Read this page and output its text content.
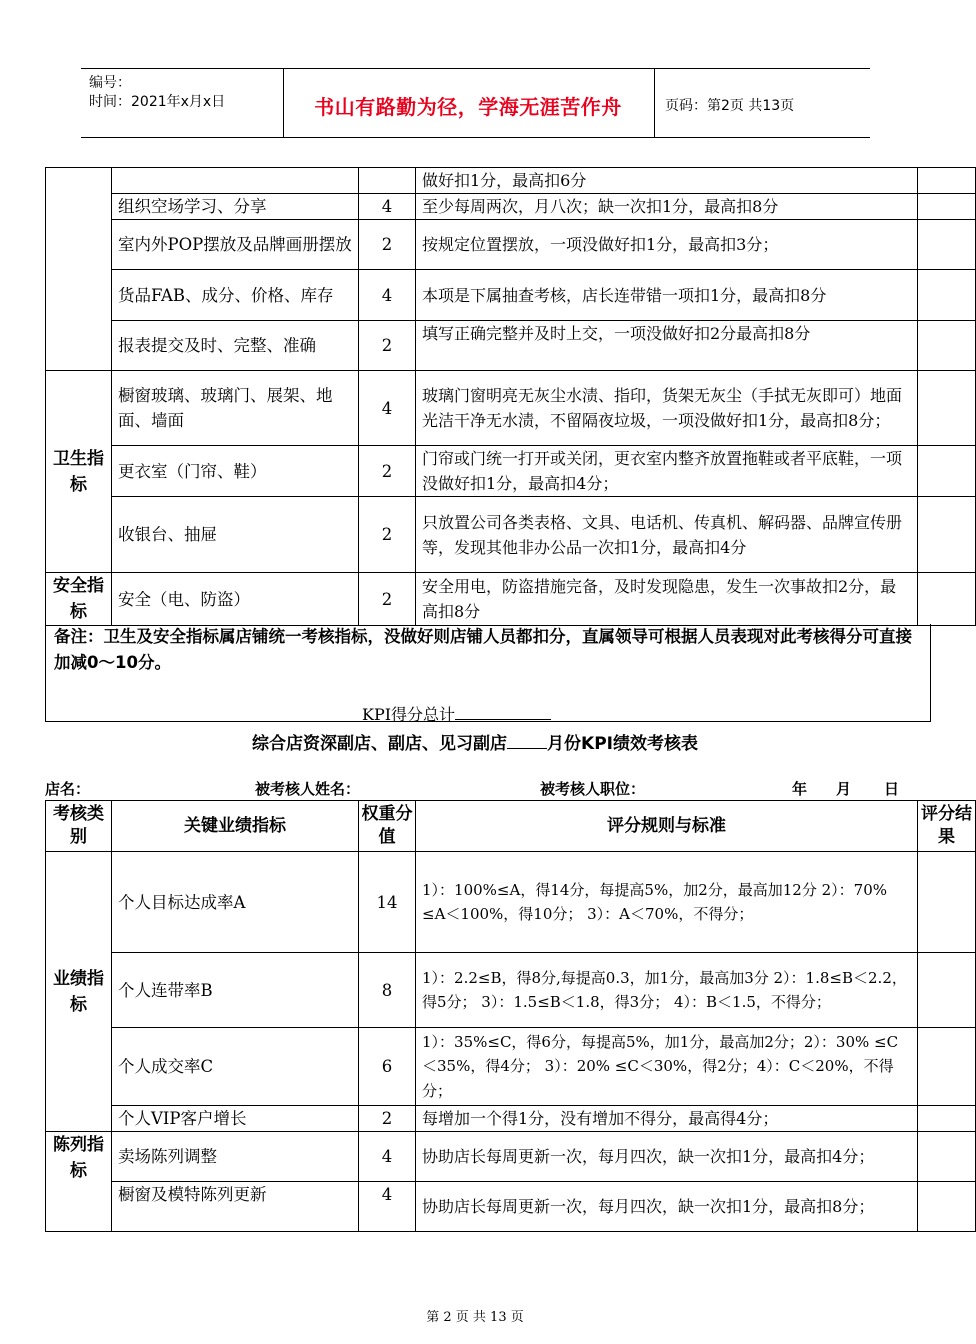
编号：
时间：2021年x月x日	书山有路勤为径，学海无涯苦作舟	页码：第2页 共13页
			做好扣1分，最高扣6分	
	组织空场学习、分享	4	至少每周两次，月八次；缺一次扣1分，最高扣8分	
	室内外POP摆放及品牌画册摆放	2	按规定位置摆放，一项没做好扣1分，最高扣3分；	
	货品FAB、成分、价格、库存	4	本项是下属抽查考核，店长连带错一项扣1分，最高扣8分	
	报表提交及时、完整、准确	2	填写正确完整并及时上交，一项没做好扣2分最高扣8分	
卫生指标	橱窗玻璃、玻璃门、展架、地面、墙面	4	玻璃门窗明亮无灰尘水渍、指印，货架无灰尘（手拭无灰即可）地面光洁干净无水渍，不留隔夜垃圾，一项没做好扣1分，最高扣8分；	
	更衣室（门帘、鞋）	2	门帘或门统一打开或关闭，更衣室内整齐放置拖鞋或者平底鞋，一项没做好扣1分，最高扣4分；	
	收银台、抽屉	2	只放置公司各类表格、文具、电话机、传真机、解码器、品牌宣传册等，发现其他非办公品一次扣1分，最高扣4分	
安全指标	安全（电、防盗）	2	安全用电，防盗措施完备，及时发现隐患，发生一次事故扣2分，最高扣8分	
备注：卫生及安全指标属店铺统一考核指标，没做好则店铺人员都扣分，直属领导可根据人员表现对此考核得分可直接加减0～10分。
KPI得分总计
综合店资深副店、副店、见习副店 月份KPI绩效考核表
店名：	被考核人姓名：	被考核人职位：	年 月 日
考核类别	关键业绩指标	权重分值	评分规则与标准	评分结果
业绩指标	个人目标达成率A	14	1）：100%≤A，得14分，每提高5%，加2分，最高加12分 2）：70% ≤A＜100%，得10分； 3）：A＜70%，不得分；	
	个人连带率B	8	1）：2.2≤B，得8分,每提高0.3，加1分，最高加3分 2）：1.8≤B＜2.2，得5分； 3）：1.5≤B＜1.8，得3分； 4）：B＜1.5，不得分；	
	个人成交率C	6	1）：35%≤C，得6分，每提高5%，加1分，最高加2分；2）：30% ≤C＜35%，得4分； 3）：20% ≤C＜30%，得2分；4）：C＜20%，不得分；	
	个人VIP客户增长	2	每增加一个得1分，没有增加不得分，最高得4分；	
陈列指标	卖场陈列调整	4	协助店长每周更新一次，每月四次，缺一次扣1分，最高扣4分；	
	橱窗及模特陈列更新	4	协助店长每周更新一次，每月四次，缺一次扣1分，最高扣8分；	
第 2 页 共 13 页
